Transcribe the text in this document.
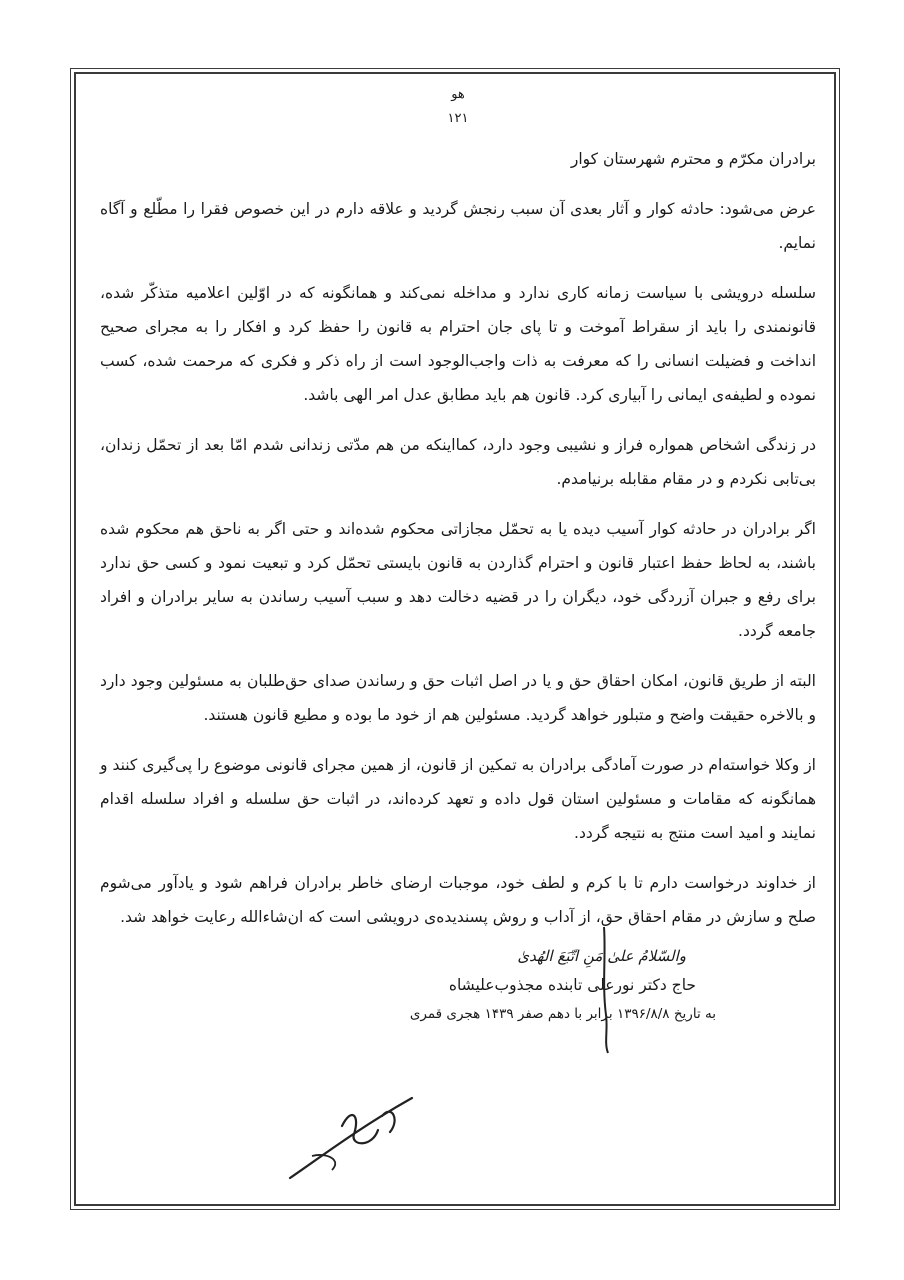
هو
۱۲۱
برادران مکرّم و محترم شهرستان کوار

عرض می‌شود: حادثه کوار و آثار بعدی آن سبب رنجش گردید و علاقه دارم در این خصوص فقرا را مطّلع و آگاه نمایم.

سلسله درویشی با سیاست زمانه کاری ندارد و مداخله نمی‌کند و همانگونه که در اوّلین اعلامیه متذکّر شده، قانونمندی را باید از سقراط آموخت و تا پای جان احترام به قانون را حفظ کرد و افکار را به مجرای صحیح انداخت و فضیلت انسانی را که معرفت به ذات واجب‌الوجود است از راه ذکر و فکری که مرحمت شده، کسب نموده و لطیفه‌ی ایمانی را آبیاری کرد. قانون هم باید مطابق عدل امر الهی باشد.

در زندگی اشخاص همواره فراز و نشیبی وجود دارد، کمااینکه من هم مدّتی زندانی شدم امّا بعد از تحمّل زندان، بی‌تابی نکردم و در مقام مقابله برنیامدم.

اگر برادران در حادثه کوار آسیب دیده یا به تحمّل مجازاتی محکوم شده‌اند و حتی اگر به ناحق هم محکوم شده باشند، به لحاظ حفظ اعتبار قانون و احترام گذاردن به قانون بایستی تحمّل کرد و تبعیت نمود و کسی حق ندارد برای رفع و جبران آزردگی خود، دیگران را در قضیه دخالت دهد و سبب آسیب رساندن به سایر برادران و افراد جامعه گردد.

البته از طریق قانون، امکان احقاق حق و یا در اصل اثبات حق و رساندن صدای حق‌طلبان به مسئولین وجود دارد و بالاخره حقیقت واضح و متبلور خواهد گردید. مسئولین هم از خود ما بوده و مطیع قانون هستند.

از وکلا خواسته‌ام در صورت آمادگی برادران به تمکین از قانون، از همین مجرای قانونی موضوع را پی‌گیری کنند و همانگونه که مقامات و مسئولین استان قول داده و تعهد کرده‌اند، در اثبات حق سلسله و افراد سلسله اقدام نمایند و امید است منتج به نتیجه گردد.

از خداوند درخواست دارم تا با کرم و لطف خود، موجبات ارضای خاطر برادران فراهم شود و یادآور می‌شوم صلح و سازش در مقام احقاق حق، از آداب و روش پسندیده‌ی درویشی است که ان‌شاءالله رعایت خواهد شد.

والسّلامُ علیٰ مَنِ اتّبَعَ الهُدیٰ
حاج دکتر نورعلی تابنده مجذوب‌علیشاه
به تاریخ ۱۳۹۶/۸/۸ برابر با دهم صفر ۱۴۳۹ هجری قمری
